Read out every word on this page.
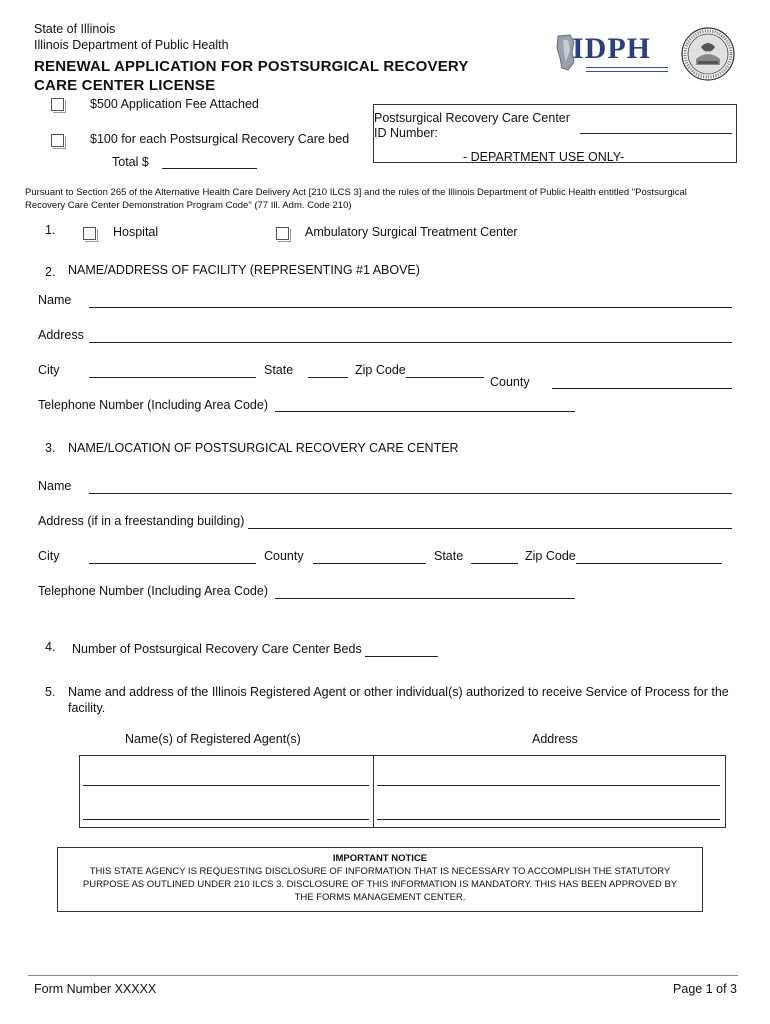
State of Illinois
Illinois Department of Public Health
RENEWAL APPLICATION FOR POSTSURGICAL RECOVERY
CARE CENTER LICENSE
IDPH
$500 Application Fee Attached
$100 for each Postsurgical Recovery Care bed
Total $
Postsurgical Recovery Care Center
ID Number:
- DEPARTMENT USE ONLY-
Pursuant to Section 265 of the Alternative Health Care Delivery Act [210 ILCS 3] and the rules of the Illinois Department of Public Health entitled "Postsurgical
Recovery Care Center Demonstration Program Code" (77 Ill. Adm. Code 210)
1.	Hospital	Ambulatory Surgical Treatment Center
2. NAME/ADDRESS OF FACILITY (REPRESENTING #1 ABOVE)
Name
Address
City	State	Zip Code
County
Telephone Number (Including Area Code)
3. NAME/LOCATION OF POSTSURGICAL RECOVERY CARE CENTER
Name
Address (if in a freestanding building)
City	County	State	Zip Code
Telephone Number (Including Area Code)
4. Number of Postsurgical Recovery Care Center Beds
5. Name and address of the Illinois Registered Agent or other individual(s) authorized to receive Service of Process for the
facility.
Name(s) of Registered Agent(s)	Address
IMPORTANT NOTICE
THIS STATE AGENCY IS REQUESTING DISCLOSURE OF INFORMATION THAT IS NECESSARY TO ACCOMPLISH THE STATUTORY
PURPOSE AS OUTLINED UNDER 210 ILCS 3. DISCLOSURE OF THIS INFORMATION IS MANDATORY. THIS HAS BEEN APPROVED BY
THE FORMS MANAGEMENT CENTER.
Form Number XXXXX	Page 1 of 3
